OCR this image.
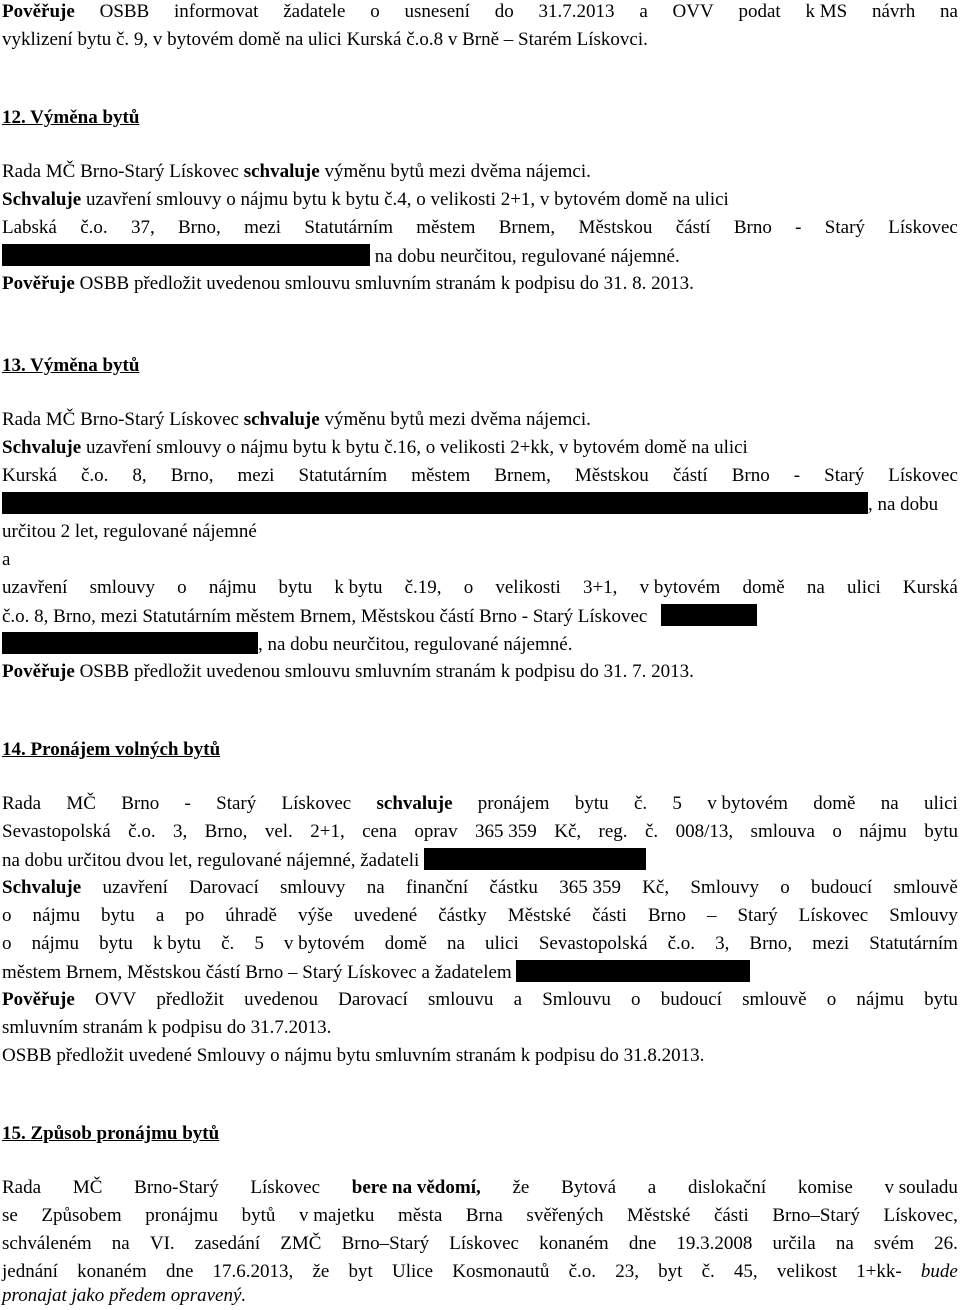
Pověřuje OSBB informovat žadatele o usnesení do 31.7.2013 a OVV podat k MS návrh na
vyklizení bytu č. 9, v bytovém domě na ulici Kurská č.o.8 v Brně – Starém Lískovci.
12. Výměna bytů
Rada MČ Brno-Starý Lískovec schvaluje výměnu bytů mezi dvěma nájemci.
Schvaluje uzavření smlouvy o nájmu bytu k bytu č.4, o velikosti 2+1, v bytovém domě na ulici
Labská č.o. 37, Brno, mezi Statutárním městem Brnem, Městskou částí Brno - Starý Lískovec
na dobu neurčitou, regulované nájemné.
Pověřuje OSBB předložit uvedenou smlouvu smluvním stranám k podpisu do 31. 8. 2013.
13. Výměna bytů
Rada MČ Brno-Starý Lískovec schvaluje výměnu bytů mezi dvěma nájemci.
Schvaluje uzavření smlouvy o nájmu bytu k bytu č.16, o velikosti 2+kk, v bytovém domě na ulici
Kurská č.o. 8, Brno, mezi Statutárním městem Brnem, Městskou částí Brno - Starý Lískovec
, na dobu
určitou 2 let, regulované nájemné
a
uzavření smlouvy o nájmu bytu k bytu č.19, o velikosti 3+1, v bytovém domě na ulici Kurská
č.o. 8, Brno, mezi Statutárním městem Brnem, Městskou částí Brno - Starý Lískovec
, na dobu neurčitou, regulované nájemné.
Pověřuje OSBB předložit uvedenou smlouvu smluvním stranám k podpisu do 31. 7. 2013.
14. Pronájem volných bytů
Rada MČ Brno - Starý Lískovec schvaluje pronájem bytu č. 5 v bytovém domě na ulici
Sevastopolská č.o. 3, Brno, vel. 2+1, cena oprav 365 359 Kč, reg. č. 008/13, smlouva o nájmu bytu
na dobu určitou dvou let, regulované nájemné, žadateli
Schvaluje uzavření Darovací smlouvy na finanční částku 365 359 Kč, Smlouvy o budoucí smlouvě
o nájmu bytu a po úhradě výše uvedené částky Městské části Brno – Starý Lískovec Smlouvy
o nájmu bytu k bytu č. 5 v bytovém domě na ulici Sevastopolská č.o. 3, Brno, mezi Statutárním
městem Brnem, Městskou částí Brno – Starý Lískovec a žadatelem
Pověřuje OVV předložit uvedenou Darovací smlouvu a Smlouvu o budoucí smlouvě o nájmu bytu
smluvním stranám k podpisu do 31.7.2013.
OSBB předložit uvedené Smlouvy o nájmu bytu smluvním stranám k podpisu do 31.8.2013.
15. Způsob pronájmu bytů
Rada MČ Brno-Starý Lískovec bere na vědomí, že Bytová a dislokační komise v souladu
se Způsobem pronájmu bytů v majetku města Brna svěřených Městské části Brno–Starý Lískovec,
schváleném na VI. zasedání ZMČ Brno–Starý Lískovec konaném dne 19.3.2008 určila na svém 26.
jednání konaném dne 17.6.2013, že byt Ulice Kosmonautů č.o. 23, byt č. 45, velikost 1+kk- bude
pronajat jako předem opravený.
